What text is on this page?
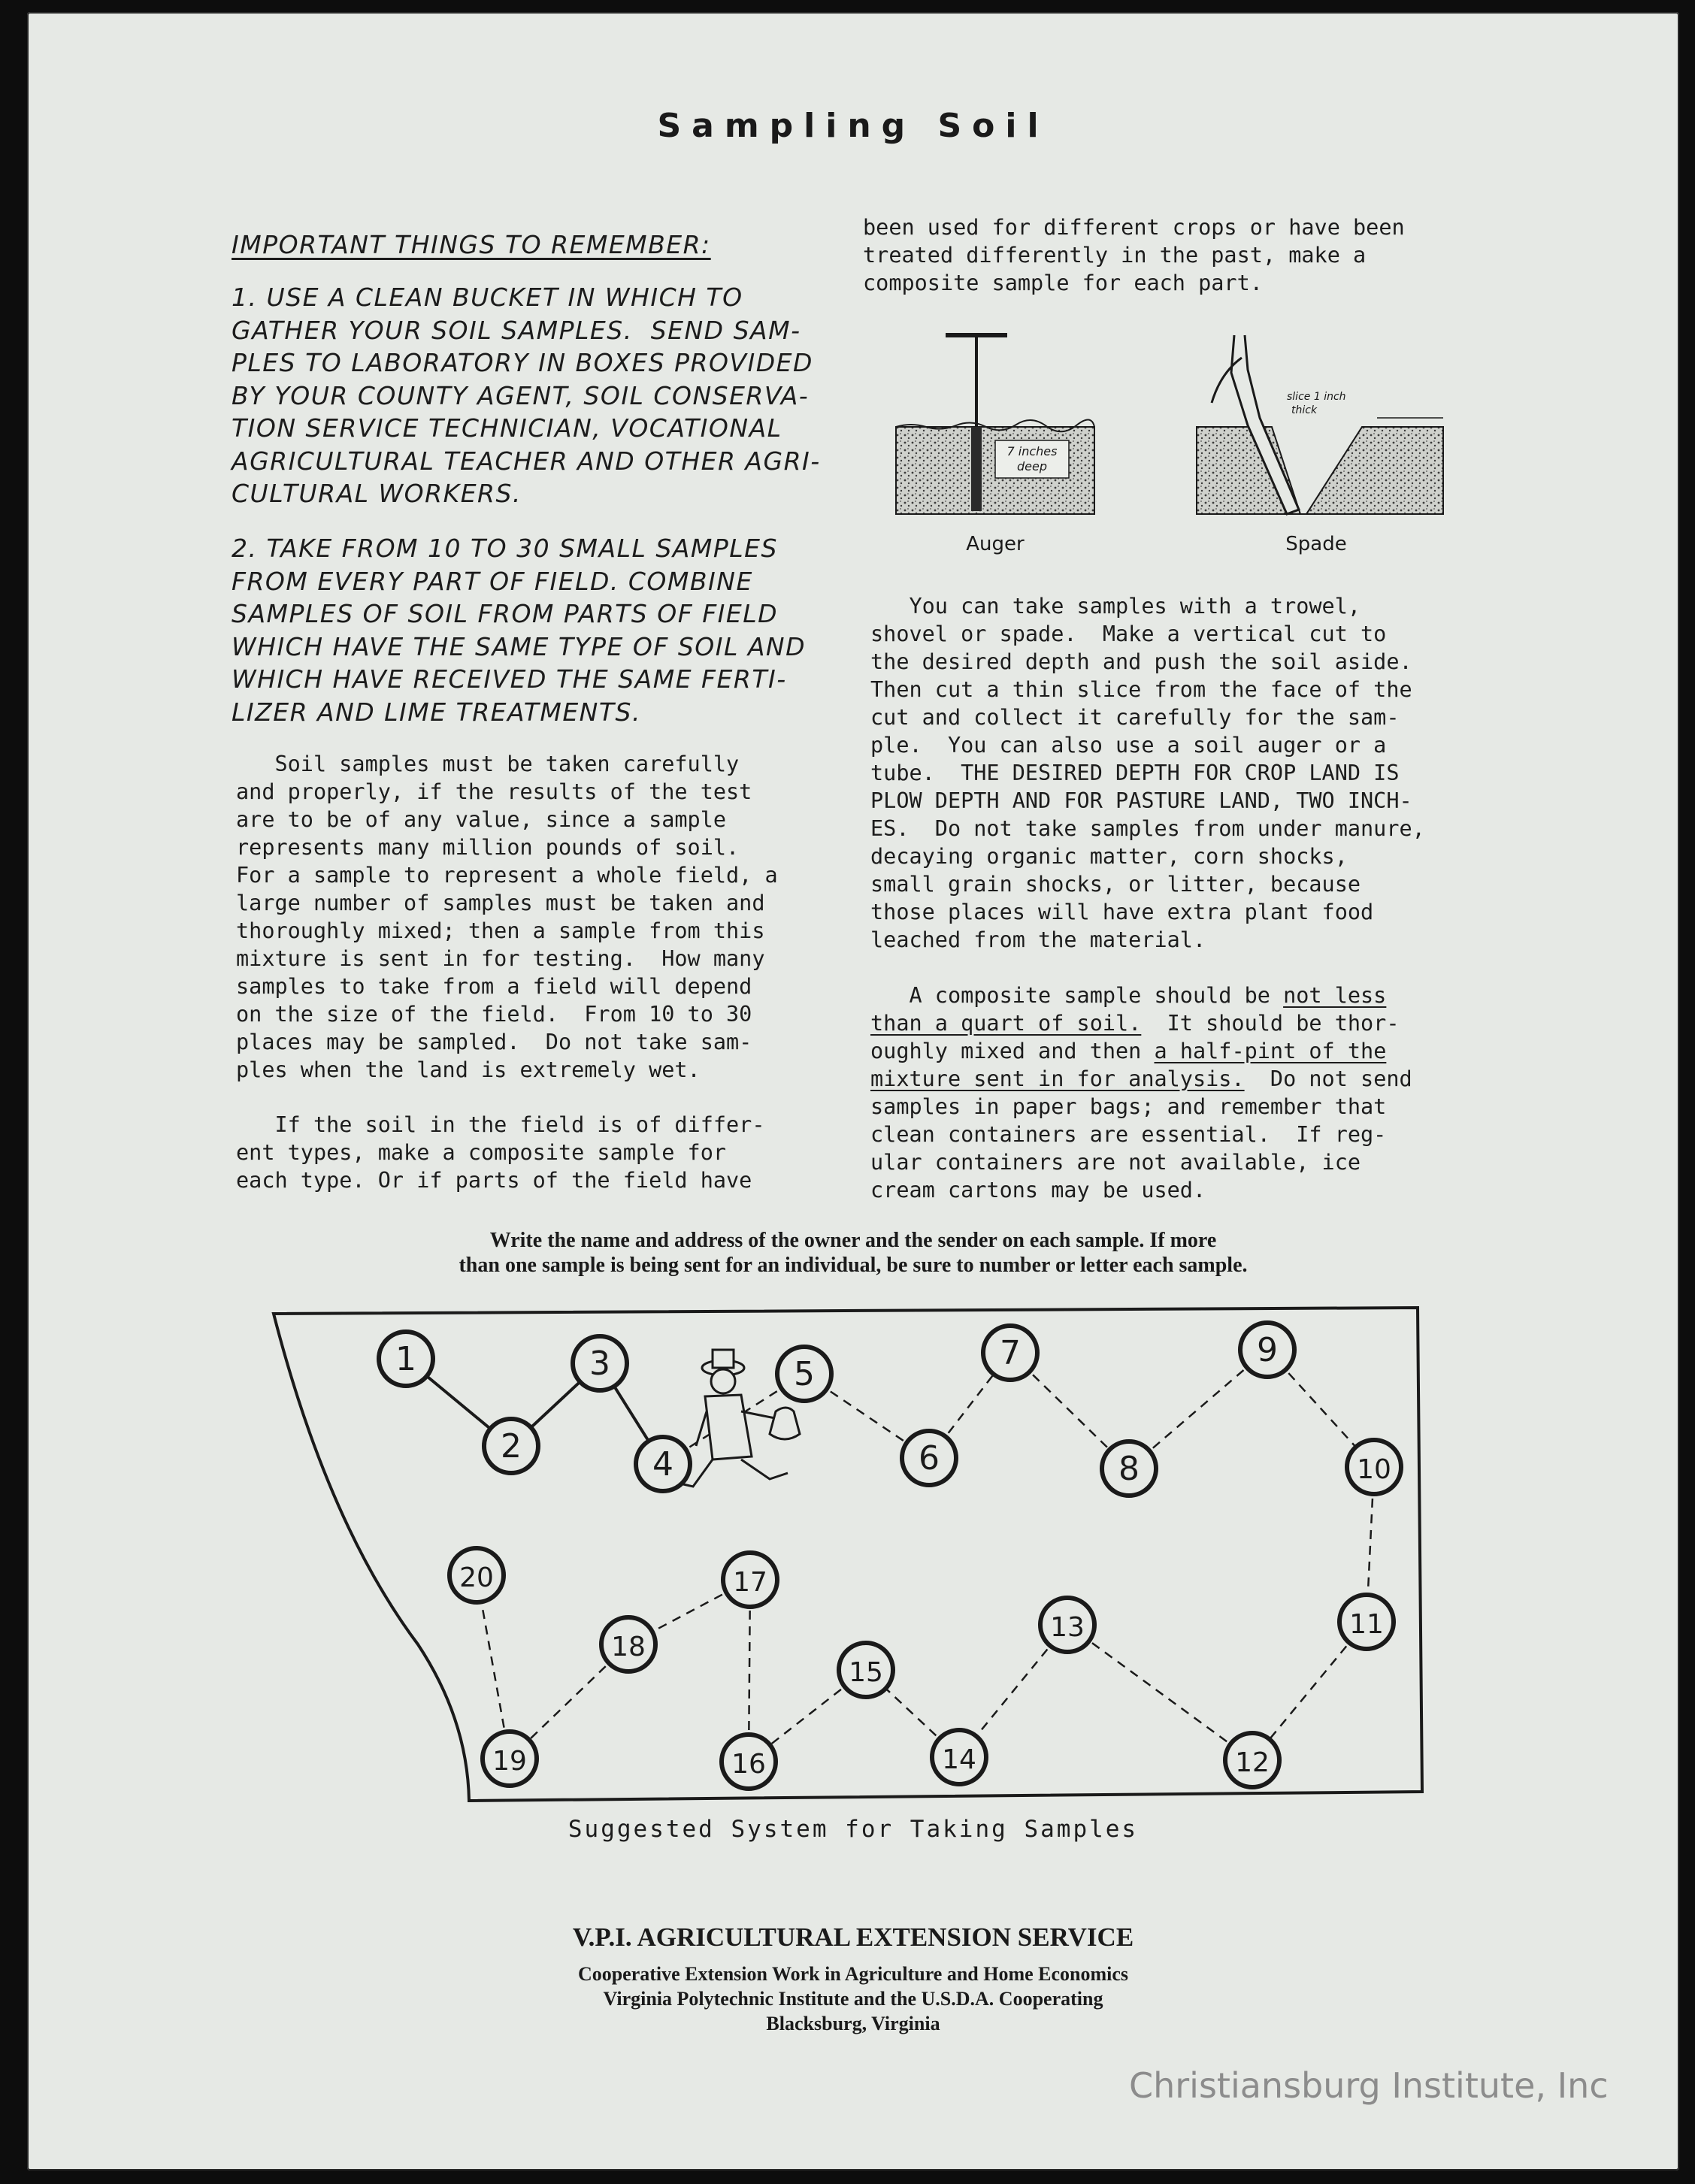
Sampling Soil

IMPORTANT THINGS TO REMEMBER:

1. USE A CLEAN BUCKET IN WHICH TO

GATHER YOUR SOIL SAMPLES.  SEND SAM-

PLES TO LABORATORY IN BOXES PROVIDED

BY YOUR COUNTY AGENT, SOIL CONSERVA-

TION SERVICE TECHNICIAN, VOCATIONAL

AGRICULTURAL TEACHER AND OTHER AGRI-

CULTURAL WORKERS.

2. TAKE FROM 10 TO 30 SMALL SAMPLES

FROM EVERY PART OF FIELD. COMBINE

SAMPLES OF SOIL FROM PARTS OF FIELD

WHICH HAVE THE SAME TYPE OF SOIL AND

WHICH HAVE RECEIVED THE SAME FERTI-

LIZER AND LIME TREATMENTS.

Soil samples must be taken carefully

and properly, if the results of the test

are to be of any value, since a sample

represents many million pounds of soil.

For a sample to represent a whole field, a

large number of samples must be taken and

thoroughly mixed; then a sample from this

mixture is sent in for testing.  How many

samples to take from a field will depend

on the size of the field.  From 10 to 30

places may be sampled.  Do not take sam-

ples when the land is extremely wet.

If the soil in the field is of differ-

ent types, make a composite sample for

each type. Or if parts of the field have

been used for different crops or have been

treated differently in the past, make a

composite sample for each part.

7 inches
deep
Auger
slice 1 inch
thick
Spade

You can take samples with a trowel,

shovel or spade.  Make a vertical cut to

the desired depth and push the soil aside.

Then cut a thin slice from the face of the

cut and collect it carefully for the sam-

ple.  You can also use a soil auger or a

tube.  THE DESIRED DEPTH FOR CROP LAND IS

PLOW DEPTH AND FOR PASTURE LAND, TWO INCH-

ES.  Do not take samples from under manure,

decaying organic matter, corn shocks,

small grain shocks, or litter, because

those places will have extra plant food

leached from the material.

A composite sample should be not less

than a quart of soil.  It should be thor-

oughly mixed and then a half-pint of the

mixture sent in for analysis.  Do not send

samples in paper bags; and remember that

clean containers are essential.  If reg-

ular containers are not available, ice

cream cartons may be used.

Write the name and address of the owner and the sender on each sample. If more

than one sample is being sent for an individual, be sure to number or letter each sample.

1
2
3
4
5
6
7
8
9
10
11
12
13
14
15
16
17
18
19
20
Suggested System for Taking Samples

V.P.I. AGRICULTURAL EXTENSION SERVICE

Cooperative Extension Work in Agriculture and Home Economics

Virginia Polytechnic Institute and the U.S.D.A. Cooperating

Blacksburg, Virginia

Christiansburg Institute, Inc
